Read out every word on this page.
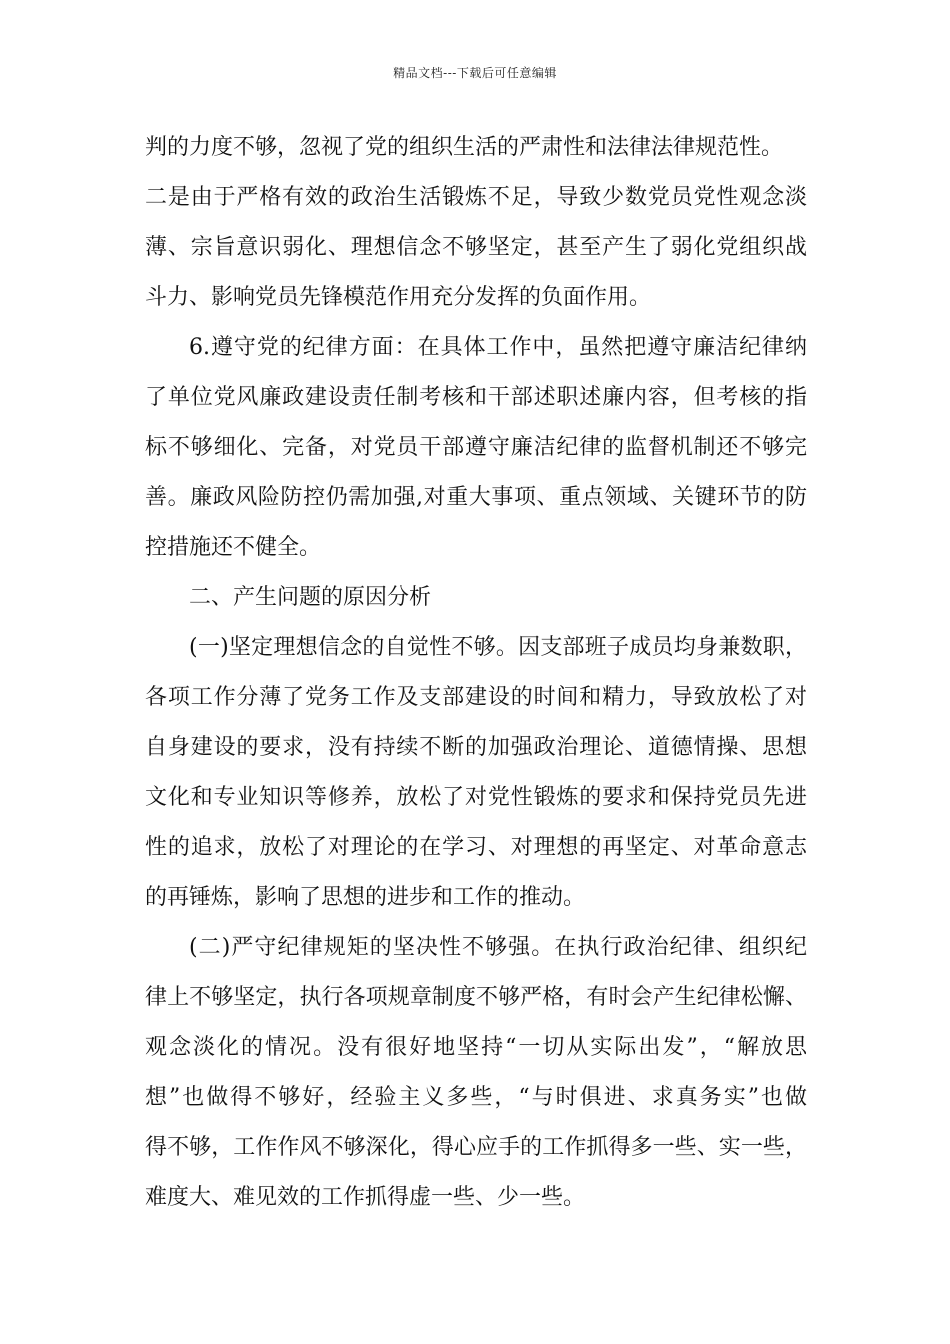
精品文档---下载后可任意编辑
判的力度不够，忽视了党的组织生活的严肃性和法律法律规范性。
二是由于严格有效的政治生活锻炼不足，导致少数党员党性观念淡
薄、宗旨意识弱化、理想信念不够坚定，甚至产生了弱化党组织战
斗力、影响党员先锋模范作用充分发挥的负面作用。
6.遵守党的纪律方面：在具体工作中，虽然把遵守廉洁纪律纳
了单位党风廉政建设责任制考核和干部述职述廉内容，但考核的指
标不够细化、完备，对党员干部遵守廉洁纪律的监督机制还不够完
善。廉政风险防控仍需加强,对重大事项、重点领域、关键环节的防
控措施还不健全。
二、产生问题的原因分析
(一)坚定理想信念的自觉性不够。因支部班子成员均身兼数职，
各项工作分薄了党务工作及支部建设的时间和精力，导致放松了对
自身建设的要求，没有持续不断的加强政治理论、道德情操、思想
文化和专业知识等修养，放松了对党性锻炼的要求和保持党员先进
性的追求，放松了对理论的在学习、对理想的再坚定、对革命意志
的再锤炼，影响了思想的进步和工作的推动。
(二)严守纪律规矩的坚决性不够强。在执行政治纪律、组织纪
律上不够坚定，执行各项规章制度不够严格，有时会产生纪律松懈、
观念淡化的情况。没有很好地坚持“一切从实际出发”，“解放思
想”也做得不够好，经验主义多些，“与时俱进、求真务实”也做
得不够，工作作风不够深化，得心应手的工作抓得多一些、实一些，
难度大、难见效的工作抓得虚一些、少一些。
